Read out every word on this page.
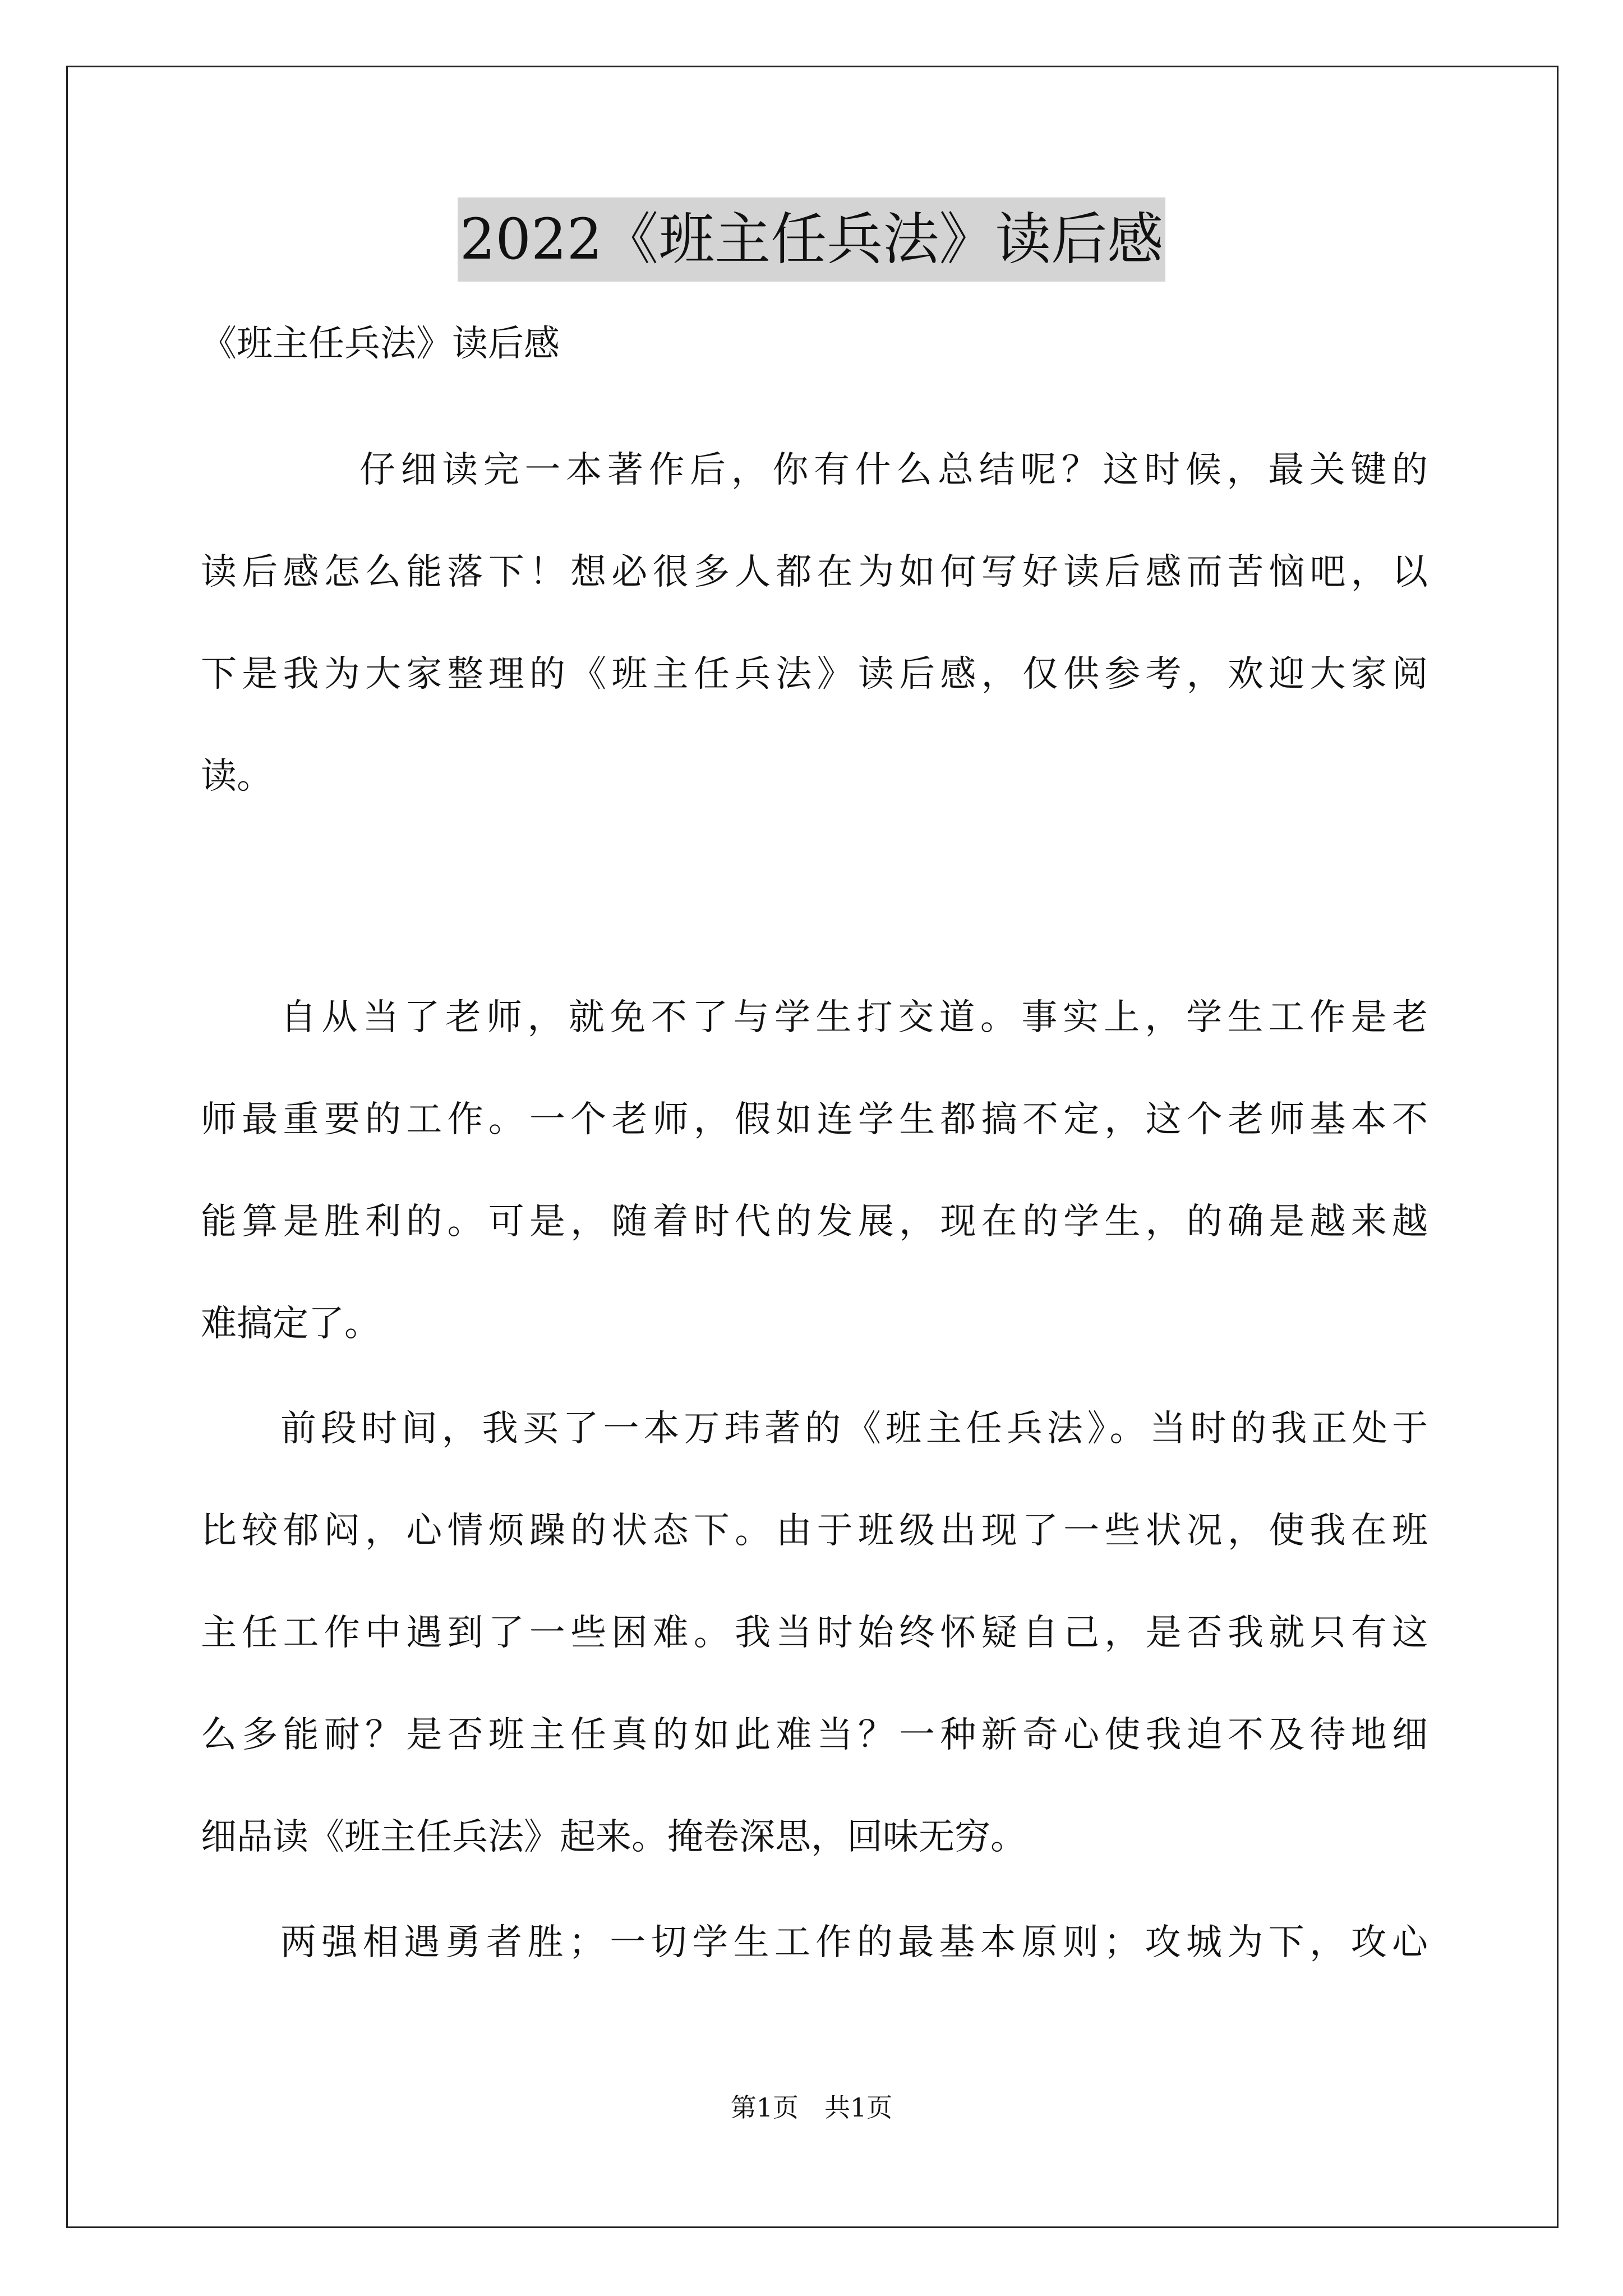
2022《班主任兵法》读后感
《班主任兵法》读后感
仔细读完一本著作后，你有什么总结呢？这时候，最关键的
读后感怎么能落下！想必很多人都在为如何写好读后感而苦恼吧，以
下是我为大家整理的《班主任兵法》读后感，仅供参考，欢迎大家阅
读。
自从当了老师，就免不了与学生打交道。事实上，学生工作是老
师最重要的工作。一个老师，假如连学生都搞不定，这个老师基本不
能算是胜利的。可是，随着时代的发展，现在的学生，的确是越来越
难搞定了。
前段时间，我买了一本万玮著的《班主任兵法》。当时的我正处于
比较郁闷，心情烦躁的状态下。由于班级出现了一些状况，使我在班
主任工作中遇到了一些困难。我当时始终怀疑自己，是否我就只有这
么多能耐？是否班主任真的如此难当？一种新奇心使我迫不及待地细
细品读《班主任兵法》起来。掩卷深思，回味无穷。
两强相遇勇者胜；一切学生工作的最基本原则；攻城为下，攻心
第1页　共1页
